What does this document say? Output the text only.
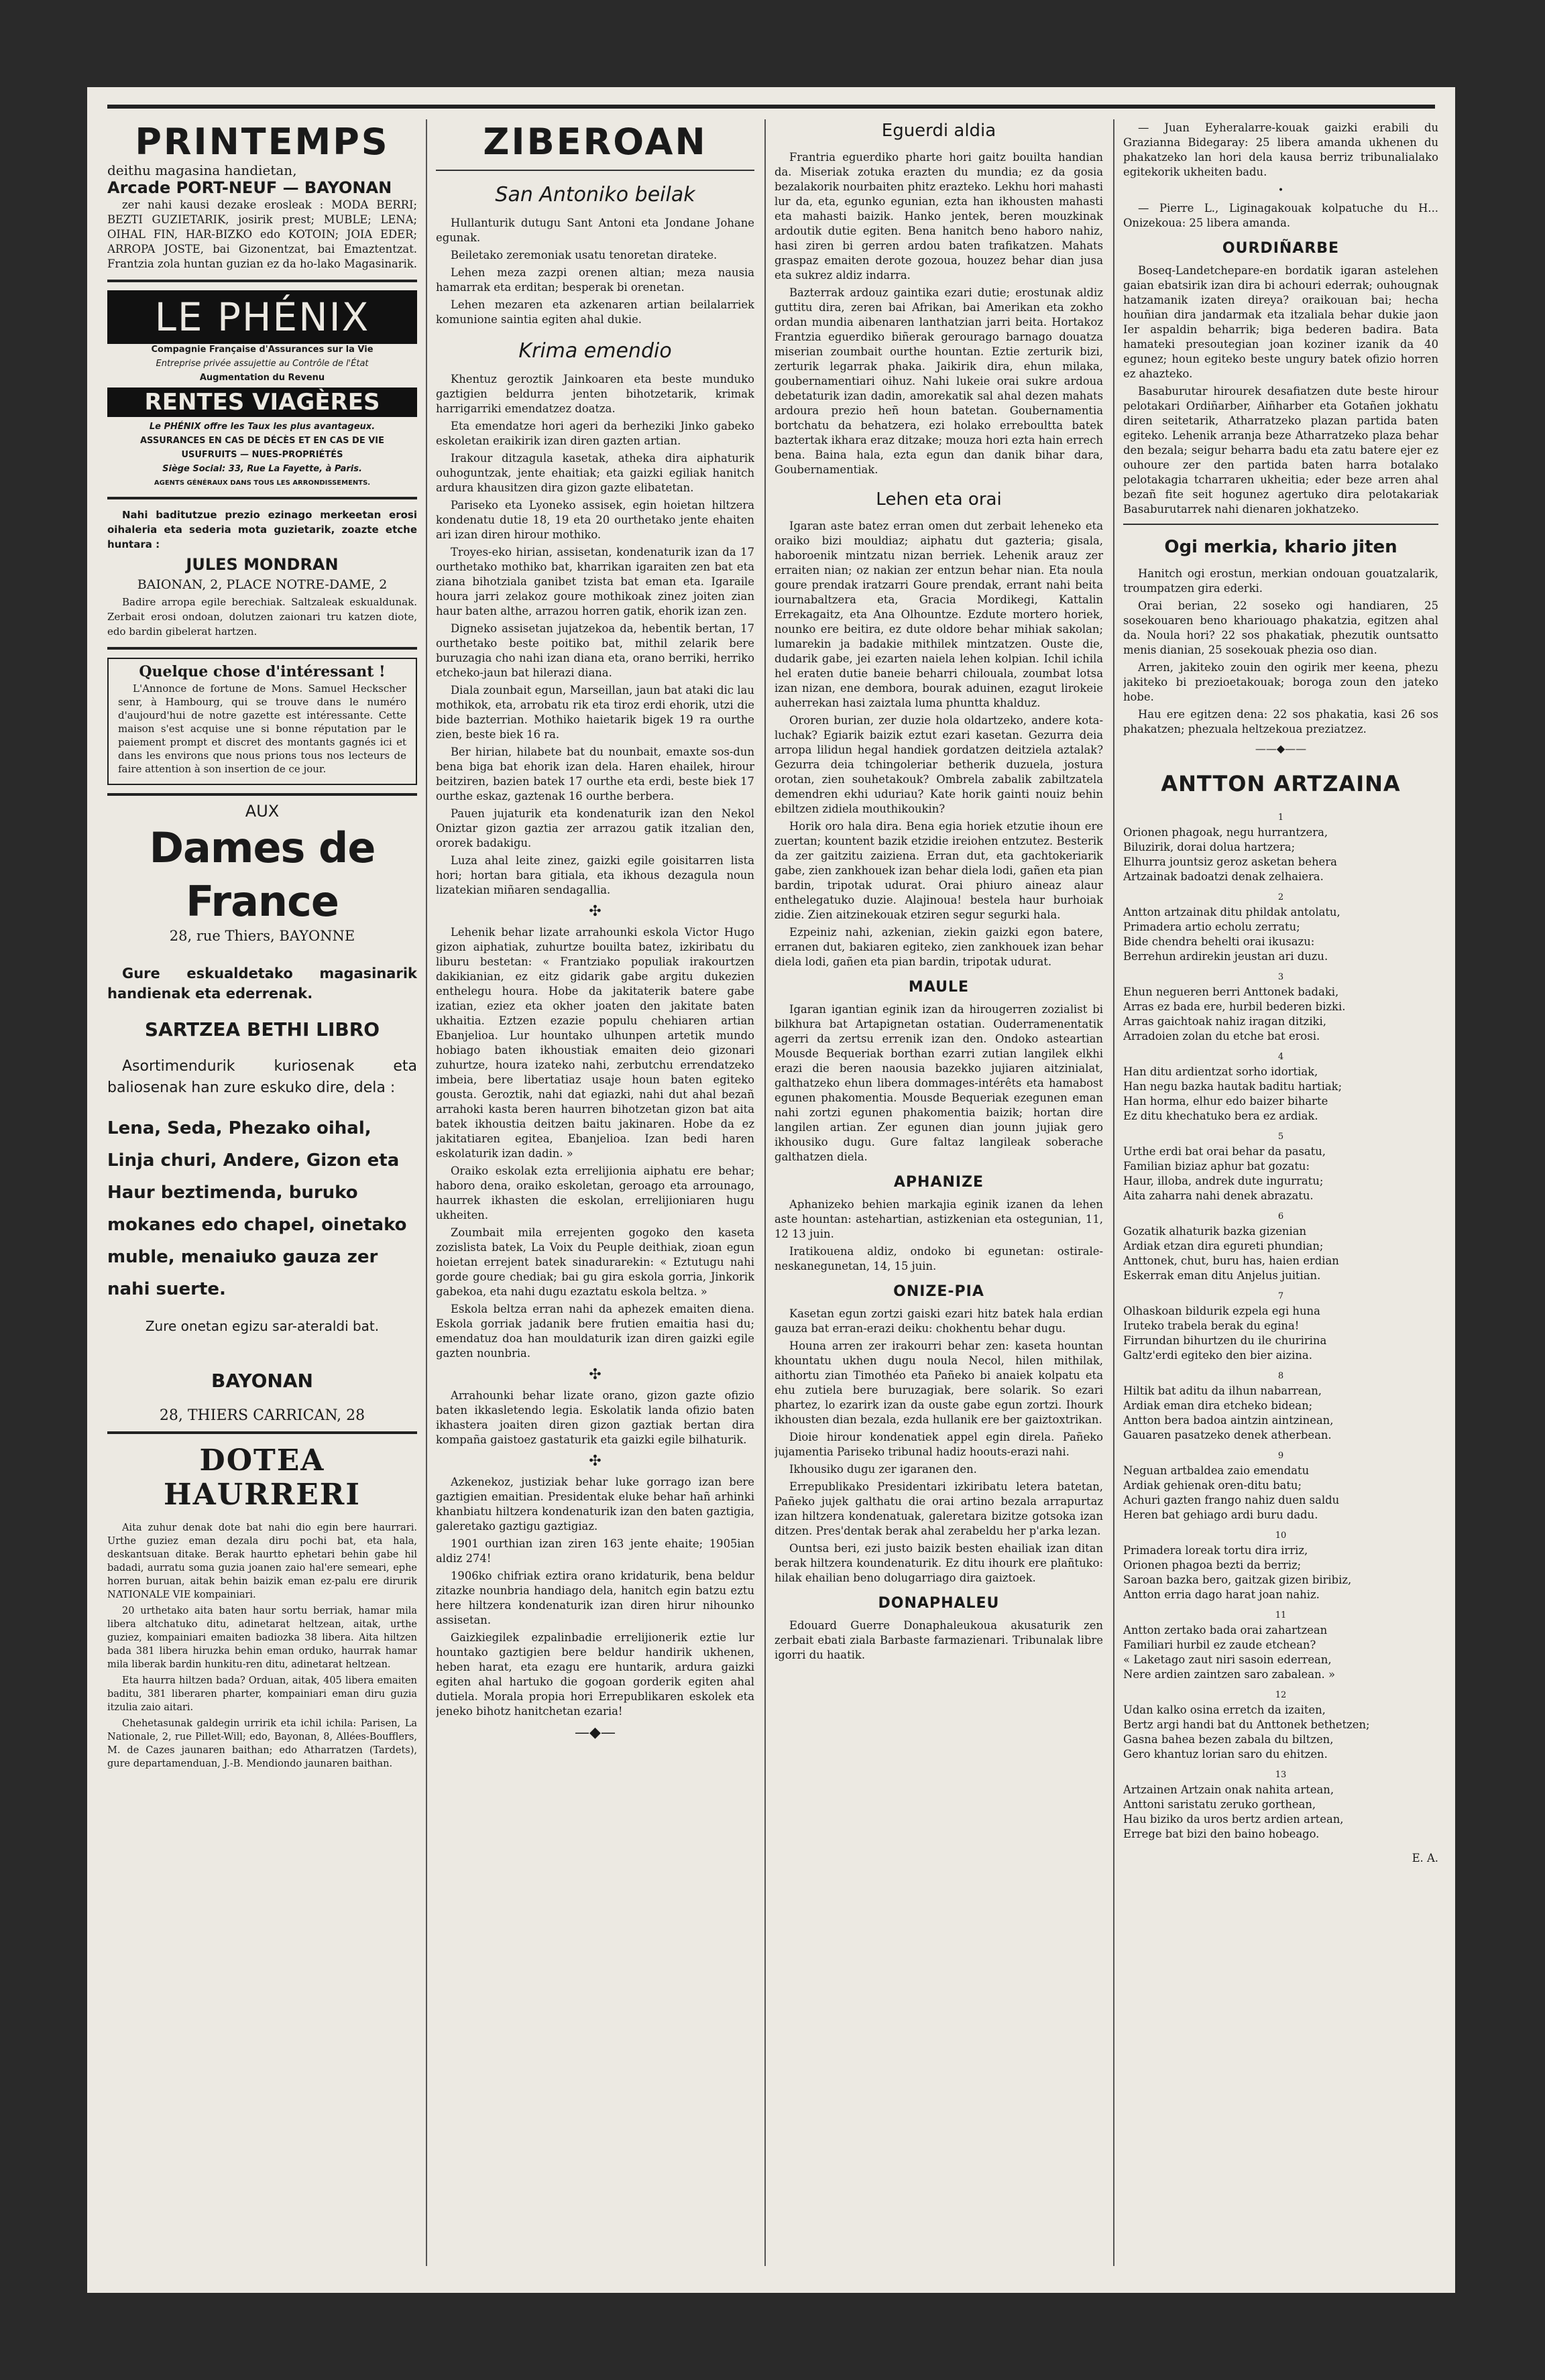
PRINTEMPS

deithu magasina handietan,

Arcade PORT-NEUF — BAYONAN

zer nahi kausi dezake erosleak : MODA BERRI; BEZTI GUZIETARIK, josirik prest; MUBLE; LENA; OIHAL FIN, HAR-BIZKO edo KOTOIN; JOIA EDER; ARROPA JOSTE, bai Gizonentzat, bai Emaztentzat. Frantzia zola huntan guzian ez da ho-lako Magasinarik.

LE PHÉNIX

Compagnie Française d'Assurances sur la Vie

Entreprise privée assujettie au Contrôle de l'État

Augmentation du Revenu

RENTES VIAGÈRES

Le PHÉNIX offre les Taux les plus avantageux.

ASSURANCES EN CAS DE DÉCÈS ET EN CAS DE VIE

USUFRUITS — NUES-PROPRIÉTÉS

Siège Social: 33, Rue La Fayette, à Paris.

AGENTS GÉNÉRAUX DANS TOUS LES ARRONDISSEMENTS.

Nahi baditutzue prezio ezinago merkeetan erosi oihaleria eta sederia mota guzietarik, zoazte etche huntara :

JULES MONDRAN

BAIONAN, 2, PLACE NOTRE-DAME, 2

Badire arropa egile berechiak. Saltzaleak eskualdunak. Zerbait erosi ondoan, dolutzen zaionari tru katzen diote, edo bardin gibelerat hartzen.

Quelque chose d'intéressant !

L'Annonce de fortune de Mons. Samuel Heckscher senr, à Hambourg, qui se trouve dans le numéro d'aujourd'hui de notre gazette est intéressante. Cette maison s'est acquise une si bonne réputation par le paiement prompt et discret des montants gagnés ici et dans les environs que nous prions tous nos lecteurs de faire attention à son insertion de ce jour.

AUX

Dames de France

28, rue Thiers, BAYONNE

Gure eskualdetako magasinarik handienak eta ederrenak.

SARTZEA BETHI LIBRO

Asortimendurik kuriosenak eta baliosenak han zure eskuko dire, dela :

Lena, Seda, Phezako oihal, Linja churi, Andere, Gizon eta Haur beztimenda, buruko mokanes edo chapel, oinetako muble, menaiuko gauza zer nahi suerte.

Zure onetan egizu sar-ateraldi bat.

BAYONAN

28, THIERS CARRICAN, 28

DOTEA HAURRERI

Aita zuhur denak dote bat nahi dio egin bere haurrari. Urthe guziez eman dezala diru pochi bat, eta hala, deskantsuan ditake. Berak haurtto ephetari behin gabe hil badadi, aurratu soma guzia joanen zaio hal'ere semeari, ephe horren buruan, aitak behin baizik eman ez-palu ere dirurik NATIONALE VIE kompainiari.

20 urthetako aita baten haur sortu berriak, hamar mila libera altchatuko ditu, adinetarat heltzean, aitak, urthe guziez, kompainiari emaiten badiozka 38 libera. Aita hiltzen bada 381 libera hiruzka behin eman orduko, haurrak hamar mila liberak bardin hunkitu-ren ditu, adinetarat heltzean.

Eta haurra hiltzen bada? Orduan, aitak, 405 libera emaiten baditu, 381 liberaren pharter, kompainiari eman diru guzia itzulia zaio aitari.

Chehetasunak galdegin urririk eta ichil ichila: Parisen, La Nationale, 2, rue Pillet-Will; edo, Bayonan, 8, Allées-Boufflers, M. de Cazes jaunaren baithan; edo Atharratzen (Tardets), gure departamenduan, J.-B. Mendiondo jaunaren baithan.

ZIBEROAN
San Antoniko beilak

Hullanturik dutugu Sant Antoni eta Jondane Johane egunak.

Beiletako zeremoniak usatu tenoretan dirateke.

Lehen meza zazpi orenen altian; meza nausia hamarrak eta erditan; besperak bi orenetan.

Lehen mezaren eta azkenaren artian beilalarriek komunione saintia egiten ahal dukie.

Krima emendio

Khentuz geroztik Jainkoaren eta beste munduko gaztigien beldurra jenten bihotzetarik, krimak harrigarriki emendatzez doatza.

Eta emendatze hori ageri da berheziki Jinko gabeko eskoletan eraikirik izan diren gazten artian.

Irakour ditzagula kasetak, atheka dira aiphaturik ouhoguntzak, jente ehaitiak; eta gaizki egiliak hanitch ardura khausitzen dira gizon gazte elibatetan.

Pariseko eta Lyoneko assisek, egin hoietan hiltzera kondenatu dutie 18, 19 eta 20 ourthetako jente ehaiten ari izan diren hirour mothiko.

Troyes-eko hirian, assisetan, kondenaturik izan da 17 ourthetako mothiko bat, kharrikan igaraiten zen bat eta ziana bihotziala ganibet tzista bat eman eta. Igaraile houra jarri zelakoz goure mothikoak zinez joiten zian haur baten althe, arrazou horren gatik, ehorik izan zen.

Digneko assisetan jujatzekoa da, hebentik bertan, 17 ourthetako beste poitiko bat, mithil zelarik bere buruzagia cho nahi izan diana eta, orano berriki, herriko etcheko-jaun bat hilerazi diana.

Diala zounbait egun, Marseillan, jaun bat ataki dic lau mothikok, eta, arrobatu rik eta tiroz erdi ehorik, utzi die bide bazterrian. Mothiko haietarik bigek 19 ra ourthe zien, beste biek 16 ra.

Ber hirian, hilabete bat du nounbait, emaxte sos-dun bena biga bat ehorik izan dela. Haren ehailek, hirour beitziren, bazien batek 17 ourthe eta erdi, beste biek 17 ourthe eskaz, gaztenak 16 ourthe berbera.

Pauen jujaturik eta kondenaturik izan den Nekol Oniztar gizon gaztia zer arrazou gatik itzalian den, ororek badakigu.

Luza ahal leite zinez, gaizki egile goisitarren lista hori; hortan bara gitiala, eta ikhous dezagula noun lizatekian miñaren sendagallia.

✣

Lehenik behar lizate arrahounki eskola Victor Hugo gizon aiphatiak, zuhurtze bouilta batez, izkiribatu du liburu bestetan: « Frantziako populiak irakourtzen dakikianian, ez eitz gidarik gabe argitu dukezien enthelegu houra. Hobe da jakitaterik batere gabe izatian, eziez eta okher joaten den jakitate baten ukhaitia. Eztzen ezazie populu chehiaren artian Ebanjelioa. Lur hountako ulhunpen artetik mundo hobiago baten ikhoustiak emaiten deio gizonari zuhurtze, houra izateko nahi, zerbutchu errendatzeko imbeia, bere libertatiaz usaje houn baten egiteko gousta. Geroztik, nahi dat egiazki, nahi dut ahal bezañ arrahoki kasta beren haurren bihotzetan gizon bat aita batek ikhoustia deitzen baitu jakinaren. Hobe da ez jakitatiaren egitea, Ebanjelioa. Izan bedi haren eskolaturik izan dadin. »

Oraiko eskolak ezta errelijionia aiphatu ere behar; haboro dena, oraiko eskoletan, geroago eta arrounago, haurrek ikhasten die eskolan, errelijioniaren hugu ukheiten.

Zoumbait mila errejenten gogoko den kaseta zozislista batek, La Voix du Peuple deithiak, zioan egun hoietan errejent batek sinadurarekin: « Eztutugu nahi gorde goure chediak; bai gu gira eskola gorria, Jinkorik gabekoa, eta nahi dugu ezaztatu eskola beltza. »

Eskola beltza erran nahi da aphezek emaiten diena. Eskola gorriak jadanik bere frutien emaitia hasi du; emendatuz doa han mouldaturik izan diren gaizki egile gazten nounbria.

✣

Arrahounki behar lizate orano, gizon gazte ofizio baten ikkasletendo legia. Eskolatik landa ofizio baten ikhastera joaiten diren gizon gaztiak bertan dira kompaña gaistoez gastaturik eta gaizki egile bilhaturik.

✣

Azkenekoz, justiziak behar luke gorrago izan bere gaztigien emaitian. Presidentak eluke behar hañ arhinki khanbiatu hiltzera kondenaturik izan den baten gaztigia, galeretako gaztigu gaztigiaz.

1901 ourthian izan ziren 163 jente ehaite; 1905ian aldiz 274!

1906ko chifriak eztira orano kridaturik, bena beldur zitazke nounbria handiago dela, hanitch egin batzu eztu here hiltzera kondenaturik izan diren hirur nihounko assisetan.

Gaizkiegilek ezpalinbadie errelijionerik eztie lur hountako gaztigien bere beldur handirik ukhenen, heben harat, eta ezagu ere huntarik, ardura gaizki egiten ahal hartuko die gogoan gorderik egiten ahal dutiela. Morala propia hori Errepublikaren eskolek eta jeneko bihotz hanitchetan ezaria!

—◆—
Eguerdi aldia

Frantria eguerdiko pharte hori gaitz bouilta handian da. Miseriak zotuka erazten du mundia; ez da gosia bezalakorik nourbaiten phitz erazteko. Lekhu hori mahasti lur da, eta, egunko egunian, ezta han ikhousten mahasti eta mahasti baizik. Hanko jentek, beren mouzkinak ardoutik dutie egiten. Bena hanitch beno haboro nahiz, hasi ziren bi gerren ardou baten trafikatzen. Mahats graspaz emaiten derote gozoua, houzez behar dian jusa eta sukrez aldiz indarra.

Bazterrak ardouz gaintika ezari dutie; erostunak aldiz guttitu dira, zeren bai Afrikan, bai Amerikan eta zokho ordan mundia aibenaren lanthatzian jarri beita. Hortakoz Frantzia eguerdiko biñerak gerourago barnago douatza miserian zoumbait ourthe hountan. Eztie zerturik bizi, zerturik legarrak phaka. Jaikirik dira, ehun milaka, goubernamentiari oihuz. Nahi lukeie orai sukre ardoua debetaturik izan dadin, amorekatik sal ahal dezen mahats ardoura prezio heñ houn batetan. Goubernamentia bortchatu da behatzera, ezi holako erreboultta batek baztertak ikhara eraz ditzake; mouza hori ezta hain errech bena. Baina hala, ezta egun dan danik bihar dara, Goubernamentiak.

Lehen eta orai

Igaran aste batez erran omen dut zerbait leheneko eta oraiko bizi mouldiaz; aiphatu dut gazteria; gisala, haboroenik mintzatu nizan berriek. Lehenik arauz zer erraiten nian; oz nakian zer entzun behar nian. Eta noula goure prendak iratzarri Goure prendak, errant nahi beita iournabaltzera eta, Gracia Mordikegi, Kattalin Errekagaitz, eta Ana Olhountze. Ezdute mortero horiek, nounko ere beitira, ez dute oldore behar mihiak sakolan; lumarekin ja badakie mithilek mintzatzen. Ouste die, dudarik gabe, jei ezarten naiela lehen kolpian. Ichil ichila hel eraten dutie baneie beharri chilouala, zoumbat lotsa izan nizan, ene dembora, bourak aduinen, ezagut lirokeie auherrekan hasi zaiztala luma phuntta khalduz.

Ororen burian, zer duzie hola oldartzeko, andere kota-luchak? Egiarik baizik eztut ezari kasetan. Gezurra deia arropa lilidun hegal handiek gordatzen deitziela aztalak? Gezurra deia tchingoleriar betherik duzuela, jostura orotan, zien souhetakouk? Ombrela zabalik zabiltzatela demendren ekhi uduriau? Kate horik gainti nouiz behin ebiltzen zidiela mouthikoukin?

Horik oro hala dira. Bena egia horiek etzutie ihoun ere zuertan; kountent bazik etzidie ireiohen entzutez. Besterik da zer gaitzitu zaiziena. Erran dut, eta gachtokeriarik gabe, zien zankhouek izan behar diela lodi, gañen eta pian bardin, tripotak udurat. Orai phiuro aineaz alaur enthelegatuko duzie. Alajinoua! bestela haur burhoiak zidie. Zien aitzinekouak etziren segur segurki hala.

Ezpeiniz nahi, azkenian, ziekin gaizki egon batere, erranen dut, bakiaren egiteko, zien zankhouek izan behar diela lodi, gañen eta pian bardin, tripotak udurat.

MAULE

Igaran igantian eginik izan da hirougerren zozialist bi bilkhura bat Artapignetan ostatian. Ouderramenentatik agerri da zertsu errenik izan den. Ondoko asteartian Mousde Bequeriak borthan ezarri zutian langilek elkhi erazi die beren naousia bazekko jujiaren aitzinialat, galthatzeko ehun libera dommages-intérêts eta hamabost egunen phakomentia. Mousde Bequeriak ezegunen eman nahi zortzi egunen phakomentia baizik; hortan dire langilen artian. Zer egunen dian jounn jujiak gero ikhousiko dugu. Gure faltaz langileak soberache galthatzen diela.

APHANIZE

Aphanizeko behien markajia eginik izanen da lehen aste hountan: astehartian, astizkenian eta ostegunian, 11, 12 13 juin.

Iratikouena aldiz, ondoko bi egunetan: ostirale-neskanegunetan, 14, 15 juin.

ONIZE-PIA

Kasetan egun zortzi gaiski ezari hitz batek hala erdian gauza bat erran-erazi deiku: chokhentu behar dugu.

Houna arren zer irakourri behar zen: kaseta hountan khountatu ukhen dugu noula Necol, hilen mithilak, aithortu zian Timothéo eta Pañeko bi anaiek kolpatu eta ehu zutiela bere buruzagiak, bere solarik. So ezari phartez, lo ezarirk izan da ouste gabe egun zortzi. Ihourk ikhousten dian bezala, ezda hullanik ere ber gaiztoxtrikan.

Dioie hirour kondenatiek appel egin direla. Pañeko jujamentia Pariseko tribunal hadiz hoouts-erazi nahi.

Ikhousiko dugu zer igaranen den.

Errepublikako Presidentari izkiribatu letera batetan, Pañeko jujek galthatu die orai artino bezala arrapurtaz izan hiltzera kondenatuak, galeretara bizitze gotsoka izan ditzen. Pres'dentak berak ahal zerabeldu her p'arka lezan.

Ountsa beri, ezi justo baizik besten ehailiak izan ditan berak hiltzera koundenaturik. Ez ditu ihourk ere plañtuko: hilak ehailian beno dolugarriago dira gaiztoek.

DONAPHALEU

Edouard Guerre Donaphaleukoua akusaturik zen zerbait ebati ziala Barbaste farmazienari. Tribunalak libre igorri du haatik.

— Juan Eyheralarre-kouak gaizki erabili du Grazianna Bidegaray: 25 libera amanda ukhenen du phakatzeko lan hori dela kausa berriz tribunalialako egitekorik ukheiten badu.

•

— Pierre L., Liginagakouak kolpatuche du H... Onizekoua: 25 libera amanda.

OURDIÑARBE

Boseq-Landetchepare-en bordatik igaran astelehen gaian ebatsirik izan dira bi achouri ederrak; ouhougnak hatzamanik izaten direya? oraikouan bai; hecha houñian dira jandarmak eta itzaliala behar dukie jaon Ier aspaldin beharrik; biga bederen badira. Bata hamateki presoutegian joan koziner izanik da 40 egunez; houn egiteko beste ungury batek ofizio horren ez ahazteko.

Basaburutar hirourek desafiatzen dute beste hirour pelotakari Ordiñarber, Aiñharber eta Gotañen jokhatu diren seitetarik, Atharratzeko plazan partida baten egiteko. Lehenik arranja beze Atharratzeko plaza behar den bezala; seigur beharra badu eta zatu batere ejer ez ouhoure zer den partida baten harra botalako pelotakagia tcharraren ukheitia; eder beze arren ahal bezañ fite seit hogunez agertuko dira pelotakariak Basaburutarrek nahi dienaren jokhatzeko.

Ogi merkia, khario jiten

Hanitch ogi erostun, merkian ondouan gouatzalarik, troumpatzen gira ederki.

Orai berian, 22 soseko ogi handiaren, 25 sosekouaren beno khariouago phakatzia, egitzen ahal da. Noula hori? 22 sos phakatiak, phezutik ountsatto menis dianian, 25 sosekouak phezia oso dian.

Arren, jakiteko zouin den ogirik mer keena, phezu jakiteko bi prezioetakouak; boroga zoun den jateko hobe.

Hau ere egitzen dena: 22 sos phakatia, kasi 26 sos phakatzen; phezuala heltzekoua preziatzez.

——◆——
ANTTON ARTZAINA
1

Orionen phagoak, negu hurrantzera,

Biluzirik, dorai dolua hartzera;

Elhurra jountsiz geroz asketan behera

Artzainak badoatzi denak zelhaiera.

2

Antton artzainak ditu phildak antolatu,

Primadera artio echolu zerratu;

Bide chendra behelti orai ikusazu:

Berrehun ardirekin jeustan ari duzu.

3

Ehun negueren berri Anttonek badaki,

Arras ez bada ere, hurbil bederen bizki.

Arras gaichtoak nahiz iragan ditziki,

Arradoien zolan du etche bat erosi.

4

Han ditu ardientzat sorho idortiak,

Han negu bazka hautak baditu hartiak;

Han horma, elhur edo baizer biharte

Ez ditu khechatuko bera ez ardiak.

5

Urthe erdi bat orai behar da pasatu,

Familian biziaz aphur bat gozatu:

Haur, illoba, andrek dute ingurratu;

Aita zaharra nahi denek abrazatu.

6

Gozatik alhaturik bazka gizenian

Ardiak etzan dira egureti phundian;

Anttonek, chut, buru has, haien erdian

Eskerrak eman ditu Anjelus juitian.

7

Olhaskoan bildurik ezpela egi huna

Iruteko trabela berak du egina!

Firrundan bihurtzen du ile churirina

Galtz'erdi egiteko den bier aizina.

8

Hiltik bat aditu da ilhun nabarrean,

Ardiak eman dira etcheko bidean;

Antton bera badoa aintzin aintzinean,

Gauaren pasatzeko denek atherbean.

9

Neguan artbaldea zaio emendatu

Ardiak gehienak oren-ditu batu;

Achuri gazten frango nahiz duen saldu

Heren bat gehiago ardi buru dadu.

10

Primadera loreak tortu dira irriz,

Orionen phagoa bezti da berriz;

Saroan bazka bero, gaitzak gizen biribiz,

Antton erria dago harat joan nahiz.

11

Antton zertako bada orai zahartzean

Familiari hurbil ez zaude etchean?

« Laketago zaut niri sasoin ederrean,

Nere ardien zaintzen saro zabalean. »

12

Udan kalko osina erretch da izaiten,

Bertz argi handi bat du Anttonek bethetzen;

Gasna bahea bezen zabala du biltzen,

Gero khantuz lorian saro du ehitzen.

13

Artzainen Artzain onak nahita artean,

Anttoni saristatu zeruko gorthean,

Hau biziko da uros bertz ardien artean,

Errege bat bizi den baino hobeago.

E. A.
